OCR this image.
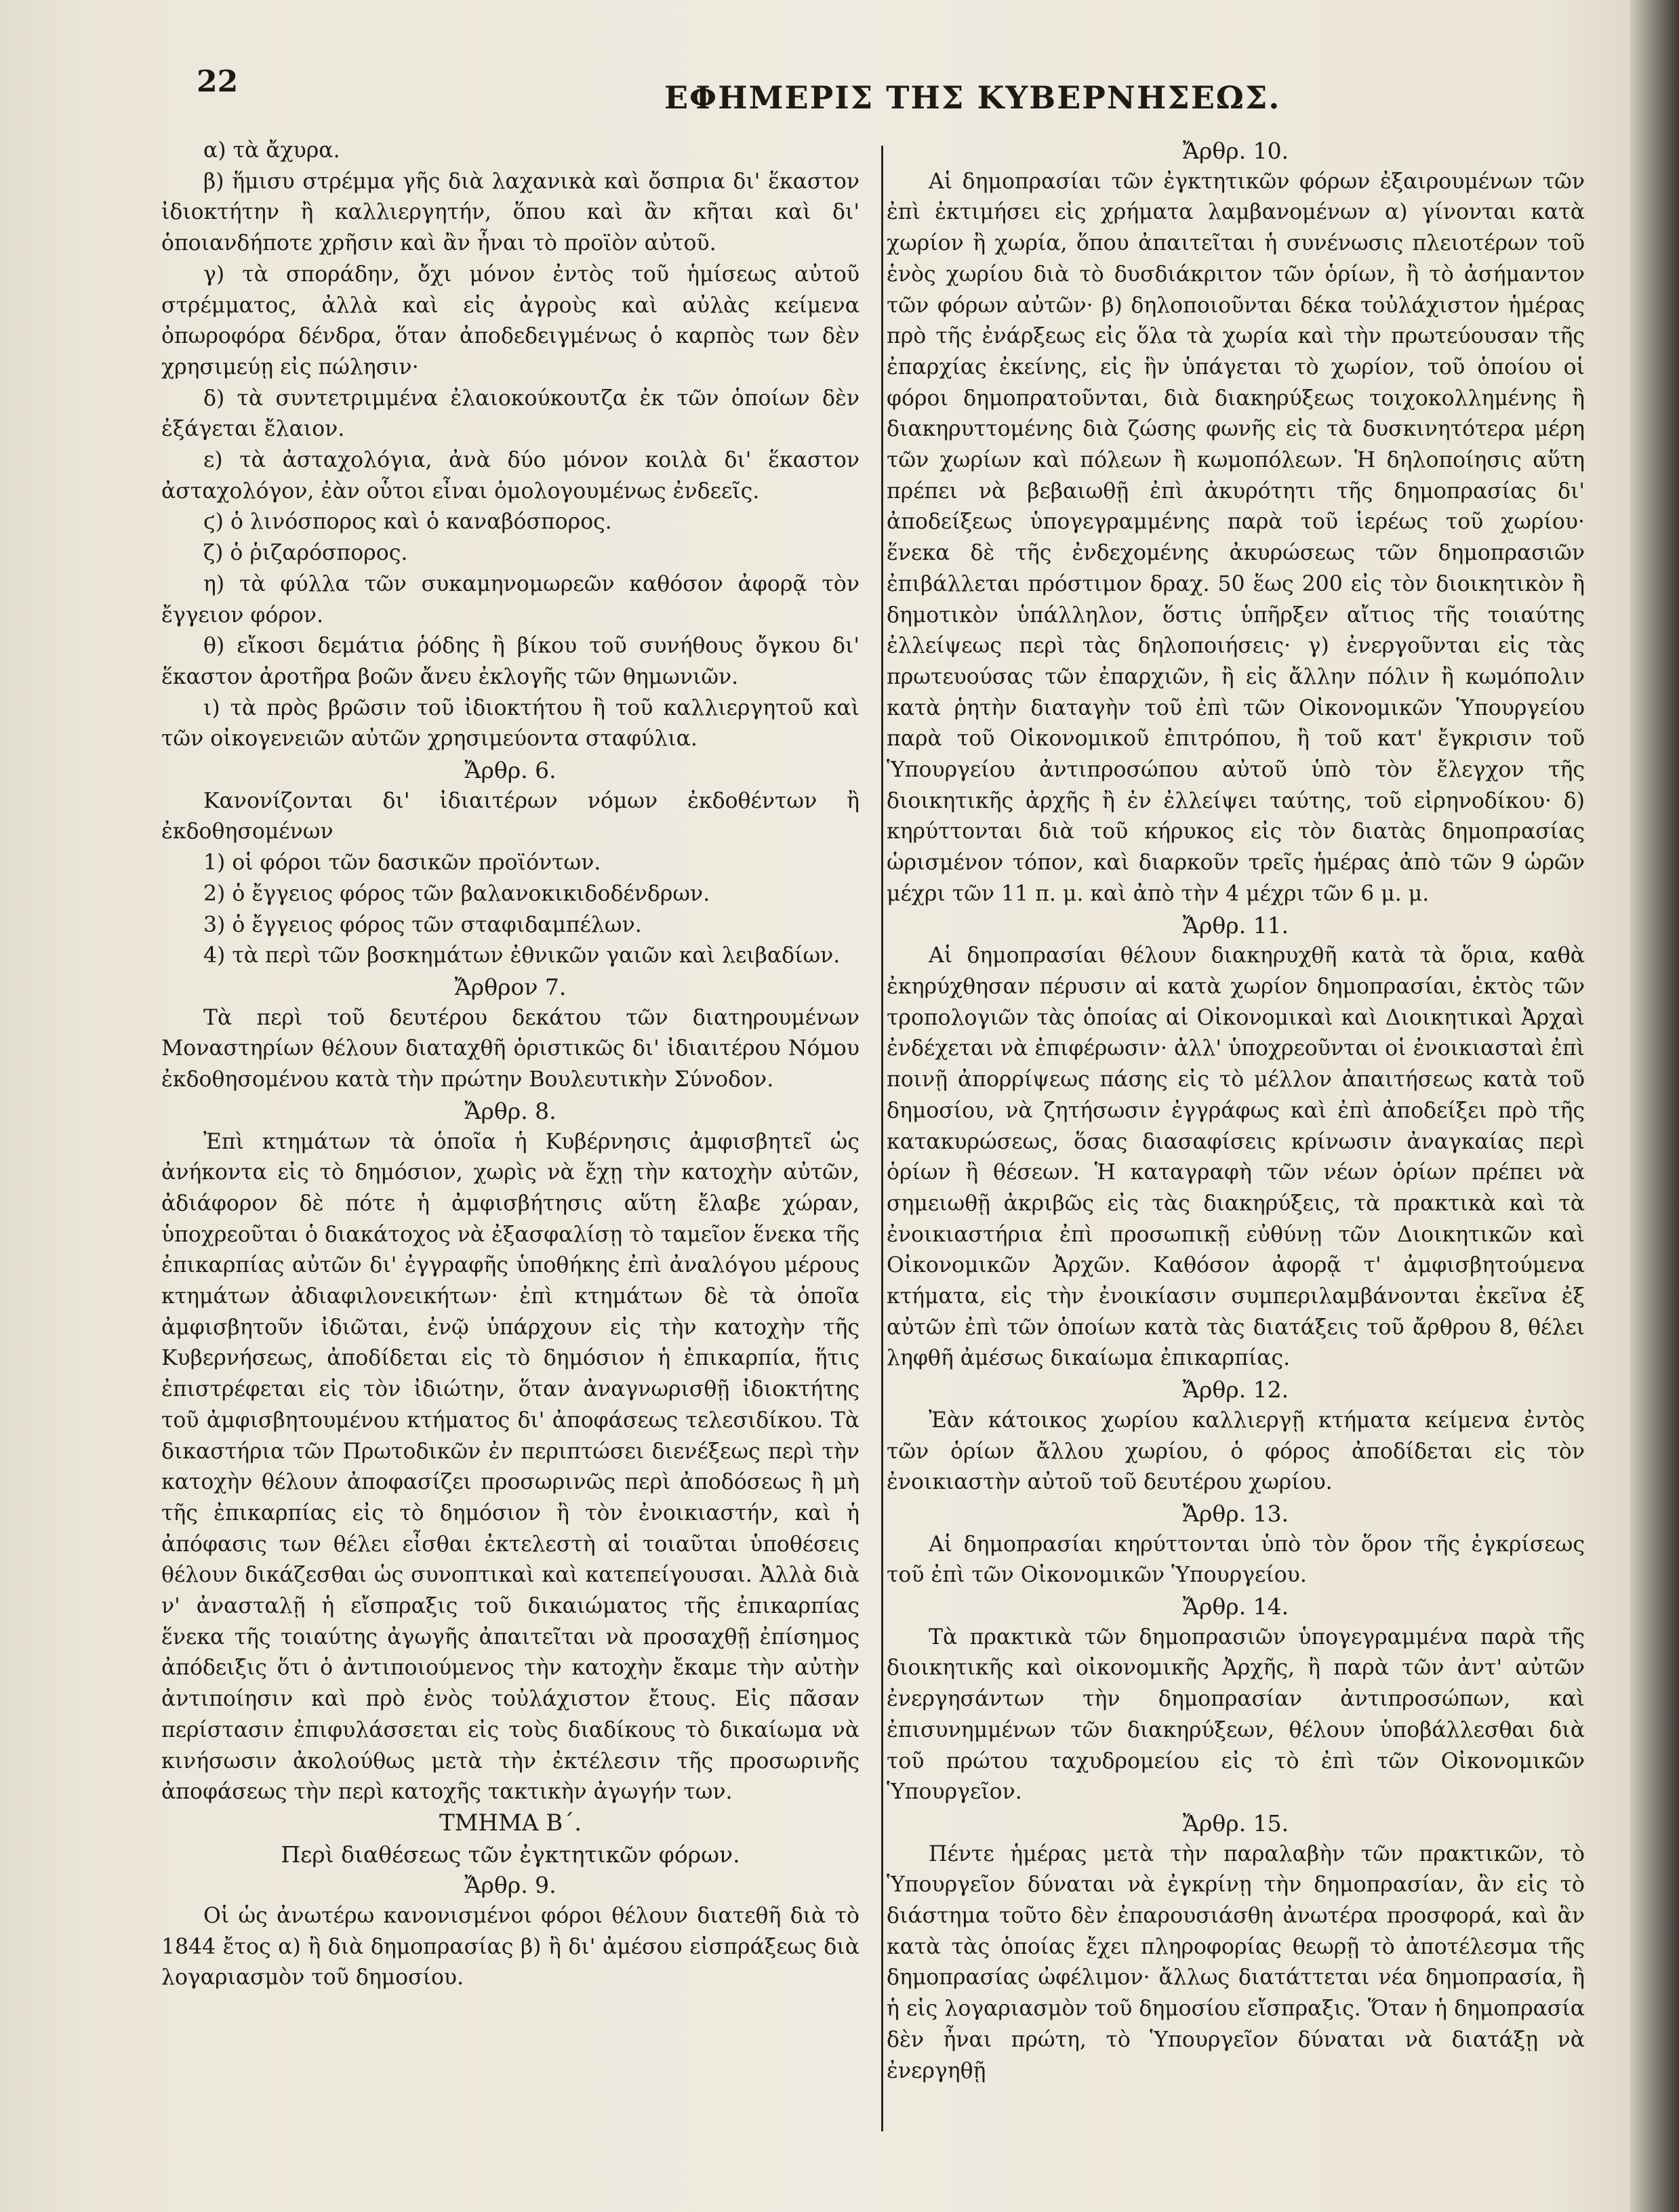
22	ΕΦΗΜΕΡΙΣ ΤΗΣ ΚΥΒΕΡΝΗΣΕΩΣ.

α) τὰ ἄχυρα.

β) ἥμισυ στρέμμα γῆς διὰ λαχανικὰ καὶ ὄσπρια δι' ἕκαστον ἰδιοκτήτην ἢ καλλιεργητήν, ὅπου καὶ ἂν κῆται καὶ δι' ὁποιανδήποτε χρῆσιν καὶ ἂν ἦναι τὸ προϊὸν αὐτοῦ.

γ) τὰ σποράδην, ὄχι μόνον ἐντὸς τοῦ ἡμίσεως αὐτοῦ στρέμματος, ἀλλὰ καὶ εἰς ἀγροὺς καὶ αὐλὰς κείμενα ὀπωροφόρα δένδρα, ὅταν ἀποδεδειγμένως ὁ καρπὸς των δὲν χρησιμεύῃ εἰς πώλησιν·

δ) τὰ συντετριμμένα ἐλαιοκούκουτζα ἐκ τῶν ὁποίων δὲν ἐξάγεται ἔλαιον.

ε) τὰ ἀσταχολόγια, ἀνὰ δύο μόνον κοιλὰ δι' ἕκαστον ἀσταχολόγον, ἐὰν οὗτοι εἶναι ὁμολογουμένως ἐνδεεῖς.

ϛ) ὁ λινόσπορος καὶ ὁ καναβόσπορος.

ζ) ὁ ῥιζαρόσπορος.

η) τὰ φύλλα τῶν συκαμηνομωρεῶν καθόσον ἀφορᾷ τὸν ἔγγειον φόρον.

θ) εἴκοσι δεμάτια ῥόδης ἢ βίκου τοῦ συνήθους ὄγκου δι' ἕκαστον ἀροτῆρα βοῶν ἄνευ ἐκλογῆς τῶν θημωνιῶν.

ι) τὰ πρὸς βρῶσιν τοῦ ἰδιοκτήτου ἢ τοῦ καλλιεργητοῦ καὶ τῶν οἰκογενειῶν αὐτῶν χρησιμεύοντα σταφύλια.

Ἄρθρ. 6.

Κανονίζονται δι' ἰδιαιτέρων νόμων ἐκδοθέντων ἢ ἐκδοθησομένων

1) οἱ φόροι τῶν δασικῶν προϊόντων.

2) ὁ ἔγγειος φόρος τῶν βαλανοκικιδοδένδρων.

3) ὁ ἔγγειος φόρος τῶν σταφιδαμπέλων.

4) τὰ περὶ τῶν βοσκημάτων ἐθνικῶν γαιῶν καὶ λειβαδίων.

Ἄρθρον 7.

Τὰ περὶ τοῦ δευτέρου δεκάτου τῶν διατηρουμένων Μοναστηρίων θέλουν διαταχθῆ ὁριστικῶς δι' ἰδιαιτέρου Νόμου ἐκδοθησομένου κατὰ τὴν πρώτην Βουλευτικὴν Σύνοδον.

Ἄρθρ. 8.

Ἐπὶ κτημάτων τὰ ὁποῖα ἡ Κυβέρνησις ἀμφισβητεῖ ὡς ἀνήκοντα εἰς τὸ δημόσιον, χωρὶς νὰ ἔχῃ τὴν κατοχὴν αὐτῶν, ἀδιάφορον δὲ πότε ἡ ἀμφισβήτησις αὕτη ἔλαβε χώραν, ὑποχρεοῦται ὁ διακάτοχος νὰ ἐξασφαλίσῃ τὸ ταμεῖον ἕνεκα τῆς ἐπικαρπίας αὐτῶν δι' ἐγγραφῆς ὑποθήκης ἐπὶ ἀναλόγου μέρους κτημάτων ἀδιαφιλονεικήτων· ἐπὶ κτημάτων δὲ τὰ ὁποῖα ἀμφισβητοῦν ἰδιῶται, ἐνῷ ὑπάρχουν εἰς τὴν κατοχὴν τῆς Κυβερνήσεως, ἀποδίδεται εἰς τὸ δημόσιον ἡ ἐπικαρπία, ἥτις ἐπιστρέφεται εἰς τὸν ἰδιώτην, ὅταν ἀναγνωρισθῇ ἰδιοκτήτης τοῦ ἀμφισβητουμένου κτήματος δι' ἀποφάσεως τελεσιδίκου. Τὰ δικαστήρια τῶν Πρωτοδικῶν ἐν περιπτώσει διενέξεως περὶ τὴν κατοχὴν θέλουν ἀποφασίζει προσωρινῶς περὶ ἀποδόσεως ἢ μὴ τῆς ἐπικαρπίας εἰς τὸ δημόσιον ἢ τὸν ἐνοικιαστήν, καὶ ἡ ἀπόφασις των θέλει εἶσθαι ἐκτελεστὴ αἱ τοιαῦται ὑποθέσεις θέλουν δικάζεσθαι ὡς συνοπτικαὶ καὶ κατεπείγουσαι. Ἀλλὰ διὰ ν' ἀνασταλῇ ἡ εἴσπραξις τοῦ δικαιώματος τῆς ἐπικαρπίας ἕνεκα τῆς τοιαύτης ἀγωγῆς ἀπαιτεῖται νὰ προσαχθῇ ἐπίσημος ἀπόδειξις ὅτι ὁ ἀντιποιούμενος τὴν κατοχὴν ἔκαμε τὴν αὐτὴν ἀντιποίησιν καὶ πρὸ ἑνὸς τοὐλάχιστον ἔτους. Εἰς πᾶσαν περίστασιν ἐπιφυλάσσεται εἰς τοὺς διαδίκους τὸ δικαίωμα νὰ κινήσωσιν ἀκολούθως μετὰ τὴν ἐκτέλεσιν τῆς προσωρινῆς ἀποφάσεως τὴν περὶ κατοχῆς τακτικὴν ἀγωγήν των.

ΤΜΗΜΑ Β΄.

Περὶ διαθέσεως τῶν ἐγκτητικῶν φόρων.

Ἄρθρ. 9.

Οἱ ὡς ἀνωτέρω κανονισμένοι φόροι θέλουν διατεθῆ διὰ τὸ 1844 ἔτος α) ἢ διὰ δημοπρασίας β) ἢ δι' ἀμέσου εἰσπράξεως διὰ λογαριασμὸν τοῦ δημοσίου.

Ἄρθρ. 10.

Αἱ δημοπρασίαι τῶν ἐγκτητικῶν φόρων ἐξαιρουμένων τῶν ἐπὶ ἐκτιμήσει εἰς χρήματα λαμβανομένων α) γίνονται κατὰ χωρίον ἢ χωρία, ὅπου ἀπαιτεῖται ἡ συνένωσις πλειοτέρων τοῦ ἑνὸς χωρίου διὰ τὸ δυσδιάκριτον τῶν ὁρίων, ἢ τὸ ἀσήμαντον τῶν φόρων αὐτῶν· β) δηλοποιοῦνται δέκα τοὐλάχιστον ἡμέρας πρὸ τῆς ἐνάρξεως εἰς ὅλα τὰ χωρία καὶ τὴν πρωτεύουσαν τῆς ἐπαρχίας ἐκείνης, εἰς ἣν ὑπάγεται τὸ χωρίον, τοῦ ὁποίου οἱ φόροι δημοπρατοῦνται, διὰ διακηρύξεως τοιχοκολλημένης ἢ διακηρυττομένης διὰ ζώσης φωνῆς εἰς τὰ δυσκινητότερα μέρη τῶν χωρίων καὶ πόλεων ἢ κωμοπόλεων. Ἡ δηλοποίησις αὕτη πρέπει νὰ βεβαιωθῇ ἐπὶ ἀκυρότητι τῆς δημοπρασίας δι' ἀποδείξεως ὑπογεγραμμένης παρὰ τοῦ ἱερέως τοῦ χωρίου· ἕνεκα δὲ τῆς ἐνδεχομένης ἀκυρώσεως τῶν δημοπρασιῶν ἐπιβάλλεται πρόστιμον δραχ. 50 ἕως 200 εἰς τὸν διοικητικὸν ἢ δημοτικὸν ὑπάλληλον, ὅστις ὑπῆρξεν αἴτιος τῆς τοιαύτης ἐλλείψεως περὶ τὰς δηλοποιήσεις· γ) ἐνεργοῦνται εἰς τὰς πρωτευούσας τῶν ἐπαρχιῶν, ἢ εἰς ἄλλην πόλιν ἢ κωμόπολιν κατὰ ῥητὴν διαταγὴν τοῦ ἐπὶ τῶν Οἰκονομικῶν Ὑπουργείου παρὰ τοῦ Οἰκονομικοῦ ἐπιτρόπου, ἢ τοῦ κατ' ἔγκρισιν τοῦ Ὑπουργείου ἀντιπροσώπου αὐτοῦ ὑπὸ τὸν ἔλεγχον τῆς διοικητικῆς ἀρχῆς ἢ ἐν ἐλλείψει ταύτης, τοῦ εἰρηνοδίκου· δ) κηρύττονται διὰ τοῦ κήρυκος εἰς τὸν διατὰς δημοπρασίας ὡρισμένον τόπον, καὶ διαρκοῦν τρεῖς ἡμέρας ἀπὸ τῶν 9 ὡρῶν μέχρι τῶν 11 π. μ. καὶ ἀπὸ τὴν 4 μέχρι τῶν 6 μ. μ.

Ἄρθρ. 11.

Αἱ δημοπρασίαι θέλουν διακηρυχθῆ κατὰ τὰ ὅρια, καθὰ ἐκηρύχθησαν πέρυσιν αἱ κατὰ χωρίον δημοπρασίαι, ἐκτὸς τῶν τροπολογιῶν τὰς ὁποίας αἱ Οἰκονομικαὶ καὶ Διοικητικαὶ Ἀρχαὶ ἐνδέχεται νὰ ἐπιφέρωσιν· ἀλλ' ὑποχρεοῦνται οἱ ἐνοικιασταὶ ἐπὶ ποινῇ ἀπορρίψεως πάσης εἰς τὸ μέλλον ἀπαιτήσεως κατὰ τοῦ δημοσίου, νὰ ζητήσωσιν ἐγγράφως καὶ ἐπὶ ἀποδείξει πρὸ τῆς κατακυρώσεως, ὅσας διασαφίσεις κρίνωσιν ἀναγκαίας περὶ ὁρίων ἢ θέσεων. Ἡ καταγραφὴ τῶν νέων ὁρίων πρέπει νὰ σημειωθῇ ἀκριβῶς εἰς τὰς διακηρύξεις, τὰ πρακτικὰ καὶ τὰ ἐνοικιαστήρια ἐπὶ προσωπικῇ εὐθύνῃ τῶν Διοικητικῶν καὶ Οἰκονομικῶν Ἀρχῶν. Καθόσον ἀφορᾷ τ' ἀμφισβητούμενα κτήματα, εἰς τὴν ἐνοικίασιν συμπεριλαμβάνονται ἐκεῖνα ἐξ αὐτῶν ἐπὶ τῶν ὁποίων κατὰ τὰς διατάξεις τοῦ ἄρθρου 8, θέλει ληφθῆ ἀμέσως δικαίωμα ἐπικαρπίας.

Ἄρθρ. 12.

Ἐὰν κάτοικος χωρίου καλλιεργῇ κτήματα κείμενα ἐντὸς τῶν ὁρίων ἄλλου χωρίου, ὁ φόρος ἀποδίδεται εἰς τὸν ἐνοικιαστὴν αὐτοῦ τοῦ δευτέρου χωρίου.

Ἄρθρ. 13.

Αἱ δημοπρασίαι κηρύττονται ὑπὸ τὸν ὅρον τῆς ἐγκρίσεως τοῦ ἐπὶ τῶν Οἰκονομικῶν Ὑπουργείου.

Ἄρθρ. 14.

Τὰ πρακτικὰ τῶν δημοπρασιῶν ὑπογεγραμμένα παρὰ τῆς διοικητικῆς καὶ οἰκονομικῆς Ἀρχῆς, ἢ παρὰ τῶν ἀντ' αὐτῶν ἐνεργησάντων τὴν δημοπρασίαν ἀντιπροσώπων, καὶ ἐπισυνημμένων τῶν διακηρύξεων, θέλουν ὑποβάλλεσθαι διὰ τοῦ πρώτου ταχυδρομείου εἰς τὸ ἐπὶ τῶν Οἰκονομικῶν Ὑπουργεῖον.

Ἄρθρ. 15.

Πέντε ἡμέρας μετὰ τὴν παραλαβὴν τῶν πρακτικῶν, τὸ Ὑπουργεῖον δύναται νὰ ἐγκρίνῃ τὴν δημοπρασίαν, ἂν εἰς τὸ διάστημα τοῦτο δὲν ἐπαρουσιάσθη ἀνωτέρα προσφορά, καὶ ἂν κατὰ τὰς ὁποίας ἔχει πληροφορίας θεωρῇ τὸ ἀποτέλεσμα τῆς δημοπρασίας ὠφέλιμον· ἄλλως διατάττεται νέα δημοπρασία, ἢ ἡ εἰς λογαριασμὸν τοῦ δημοσίου εἴσπραξις. Ὅταν ἡ δημοπρασία δὲν ἦναι πρώτη, τὸ Ὑπουργεῖον δύναται νὰ διατάξῃ νὰ ἐνεργηθῇ
